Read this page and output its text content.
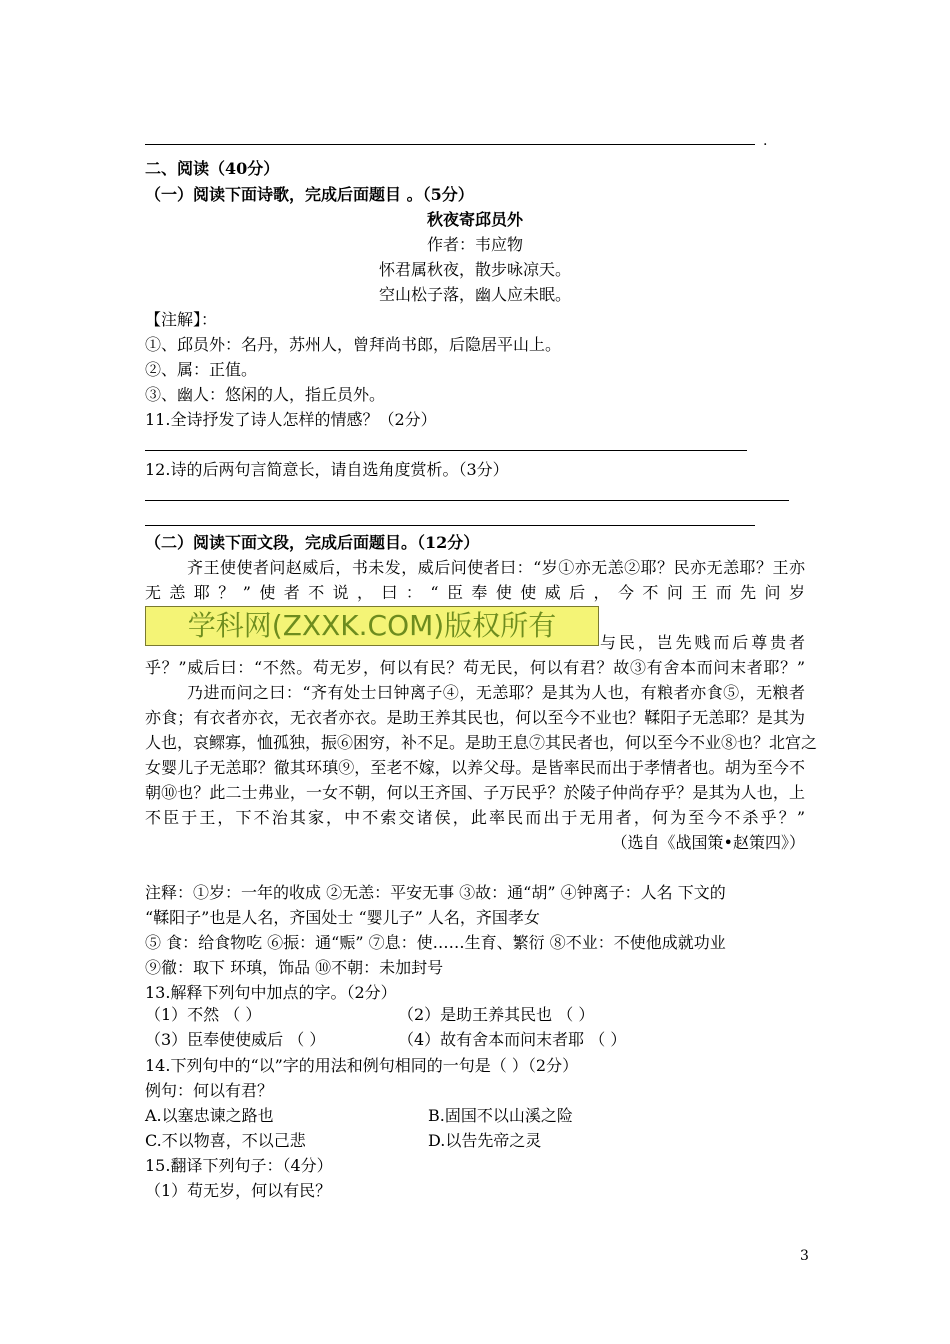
.
二、阅读（40分）
（一）阅读下面诗歌，完成后面题目 。（5分）
秋夜寄邱员外
作者：韦应物
怀君属秋夜，散步咏凉天。
空山松子落，幽人应未眠。
【注解】：
①、邱员外：名丹，苏州人，曾拜尚书郎，后隐居平山上。
②、属：正值。
③、幽人：悠闲的人，指丘员外。
11.全诗抒发了诗人怎样的情感？（2分）
12.诗的后两句言简意长，请自选角度赏析。（3分）
（二）阅读下面文段，完成后面题目。（12分）
齐王使使者问赵威后，书未发，威后问使者曰：“岁①亦无恙②耶？民亦无恙耶？王亦
无恙耶？”使者不说，曰：“臣奉使使威后，今不问王而先问岁
学科网(ZXXK.COM)版权所有
与民，岂先贱而后尊贵者
乎？”威后曰：“不然。苟无岁，何以有民？苟无民，何以有君？故③有舍本而问末者耶？”
乃进而问之曰：“齐有处士曰钟离子④，无恙耶？是其为人也，有粮者亦食⑤，无粮者
亦食；有衣者亦衣，无衣者亦衣。是助王养其民也，何以至今不业也？鞣阳子无恙耶？是其为
人也，哀鳏寡，恤孤独，振⑥困穷，补不足。是助王息⑦其民者也，何以至今不业⑧也？北宫之
女婴儿子无恙耶？徹其环瑱⑨，至老不嫁，以养父母。是皆率民而出于孝情者也。胡为至今不
朝⑩也？此二士弗业，一女不朝，何以王齐国、子万民乎？於陵子仲尚存乎？是其为人也，上
不臣于王，下不治其家，中不索交诸侯，此率民而出于无用者，何为至今不杀乎？”
（选自《战国策•赵策四》）
注释：①岁：一年的收成 ②无恙：平安无事 ③故：通“胡” ④钟离子：人名 下文的
“鞣阳子”也是人名，齐国处士 “婴儿子” 人名，齐国孝女
⑤ 食：给食物吃 ⑥振：通“赈” ⑦息：使……生育、繁衍 ⑧不业：不使他成就功业
⑨徹：取下 环瑱，饰品 ⑩不朝：未加封号
13.解释下列句中加点的字。（2分）
（1）不然 （ ）	（2）是助王养其民也 （ ）
（3）臣奉使使威后 （ ）	（4）故有舍本而问末者耶 （ ）
14.下列句中的“以”字的用法和例句相同的一句是（ ）（2分）
例句：何以有君？
A.以塞忠谏之路也	B.固国不以山溪之险
C.不以物喜，不以己悲	D.以告先帝之灵
15.翻译下列句子：（4分）
（1）苟无岁，何以有民？
3
